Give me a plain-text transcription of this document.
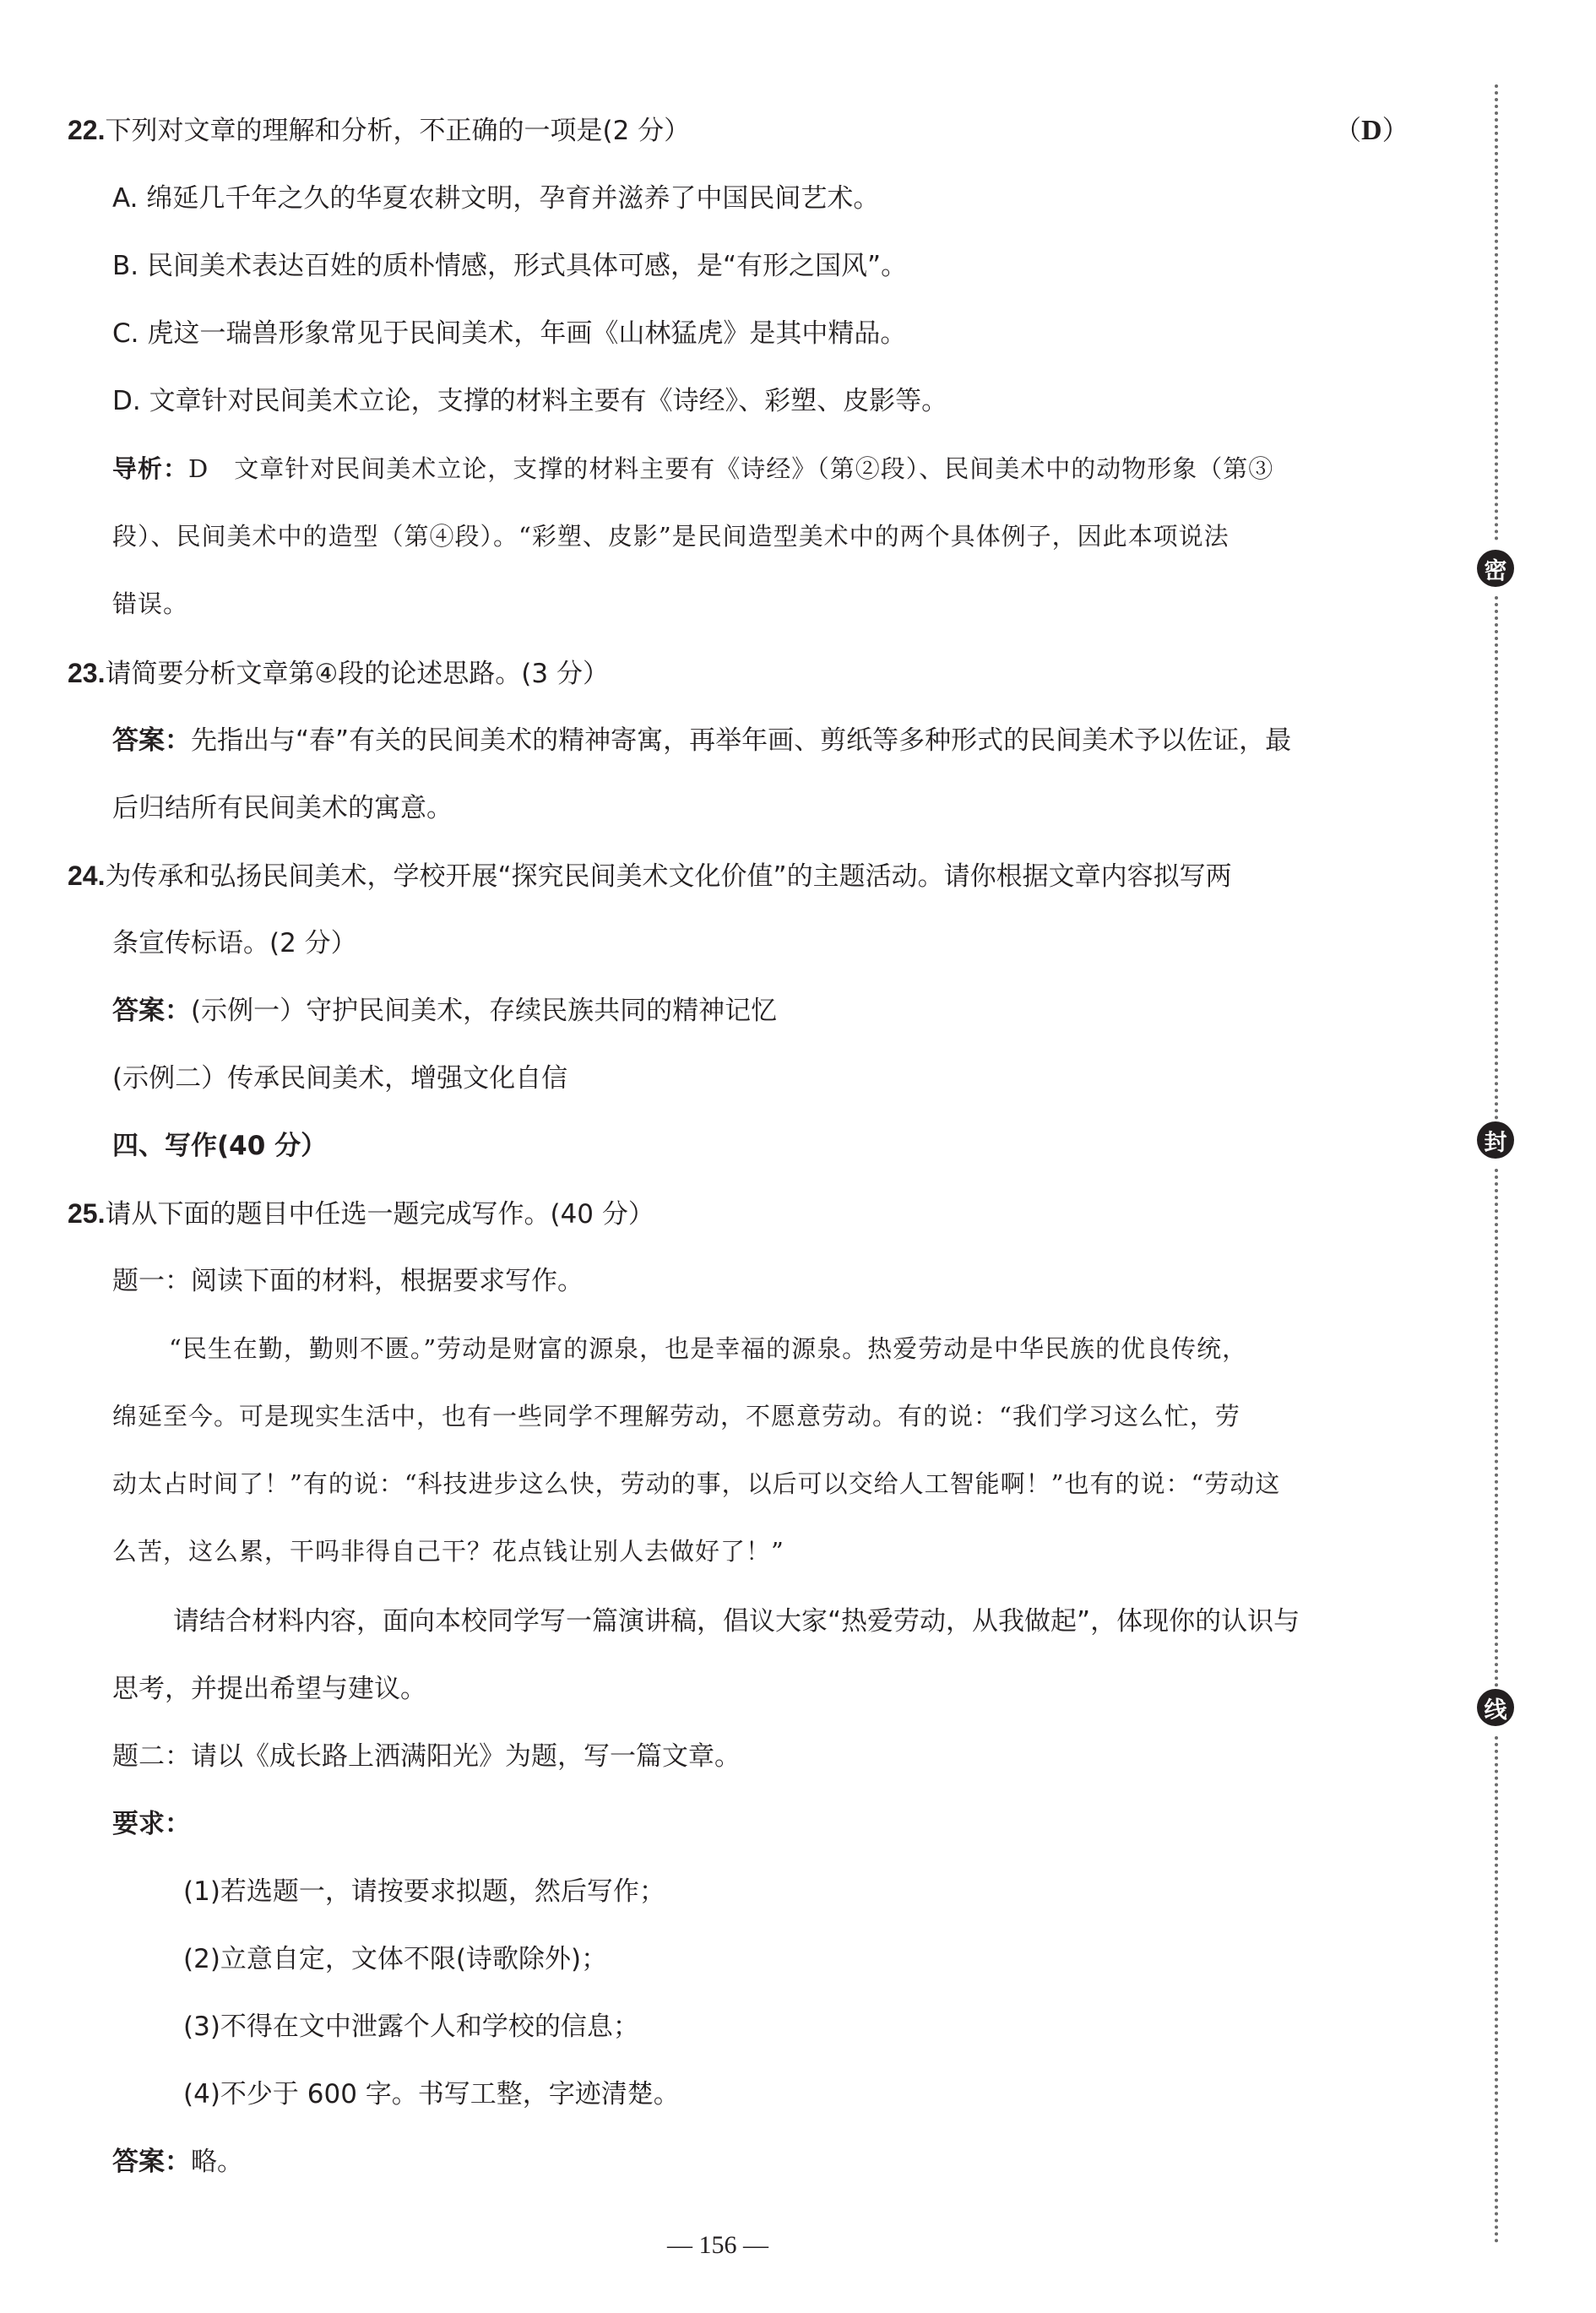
22.下列对文章的理解和分析，不正确的一项是(2 分）	（D）
A. 绵延几千年之久的华夏农耕文明，孕育并滋养了中国民间艺术。
B. 民间美术表达百姓的质朴情感，形式具体可感，是“有形之国风”。
C. 虎这一瑞兽形象常见于民间美术，年画《山林猛虎》是其中精品。
D. 文章针对民间美术立论，支撑的材料主要有《诗经》、彩塑、皮影等。
导析：D　文章针对民间美术立论，支撑的材料主要有《诗经》（第②段）、民间美术中的动物形象（第③
段）、民间美术中的造型（第④段）。“彩塑、皮影”是民间造型美术中的两个具体例子，因此本项说法
错误。
23.请简要分析文章第④段的论述思路。(3 分）
答案：先指出与“春”有关的民间美术的精神寄寓，再举年画、剪纸等多种形式的民间美术予以佐证，最
后归结所有民间美术的寓意。
24.为传承和弘扬民间美术，学校开展“探究民间美术文化价值”的主题活动。请你根据文章内容拟写两
条宣传标语。(2 分）
答案：(示例一）守护民间美术，存续民族共同的精神记忆
(示例二）传承民间美术，增强文化自信
四、写作(40 分）
25.请从下面的题目中任选一题完成写作。(40 分）
题一：阅读下面的材料，根据要求写作。
“民生在勤，勤则不匮。”劳动是财富的源泉，也是幸福的源泉。热爱劳动是中华民族的优良传统，
绵延至今。可是现实生活中，也有一些同学不理解劳动，不愿意劳动。有的说：“我们学习这么忙，劳
动太占时间了！”有的说：“科技进步这么快，劳动的事，以后可以交给人工智能啊！”也有的说：“劳动这
么苦，这么累，干吗非得自己干？花点钱让别人去做好了！”
请结合材料内容，面向本校同学写一篇演讲稿，倡议大家“热爱劳动，从我做起”，体现你的认识与
思考，并提出希望与建议。
题二：请以《成长路上洒满阳光》为题，写一篇文章。
要求：
(1)若选题一，请按要求拟题，然后写作；
(2)立意自定，文体不限(诗歌除外)；
(3)不得在文中泄露个人和学校的信息；
(4)不少于 600 字。书写工整，字迹清楚。
答案：略。
密
封
线
— 156 —
